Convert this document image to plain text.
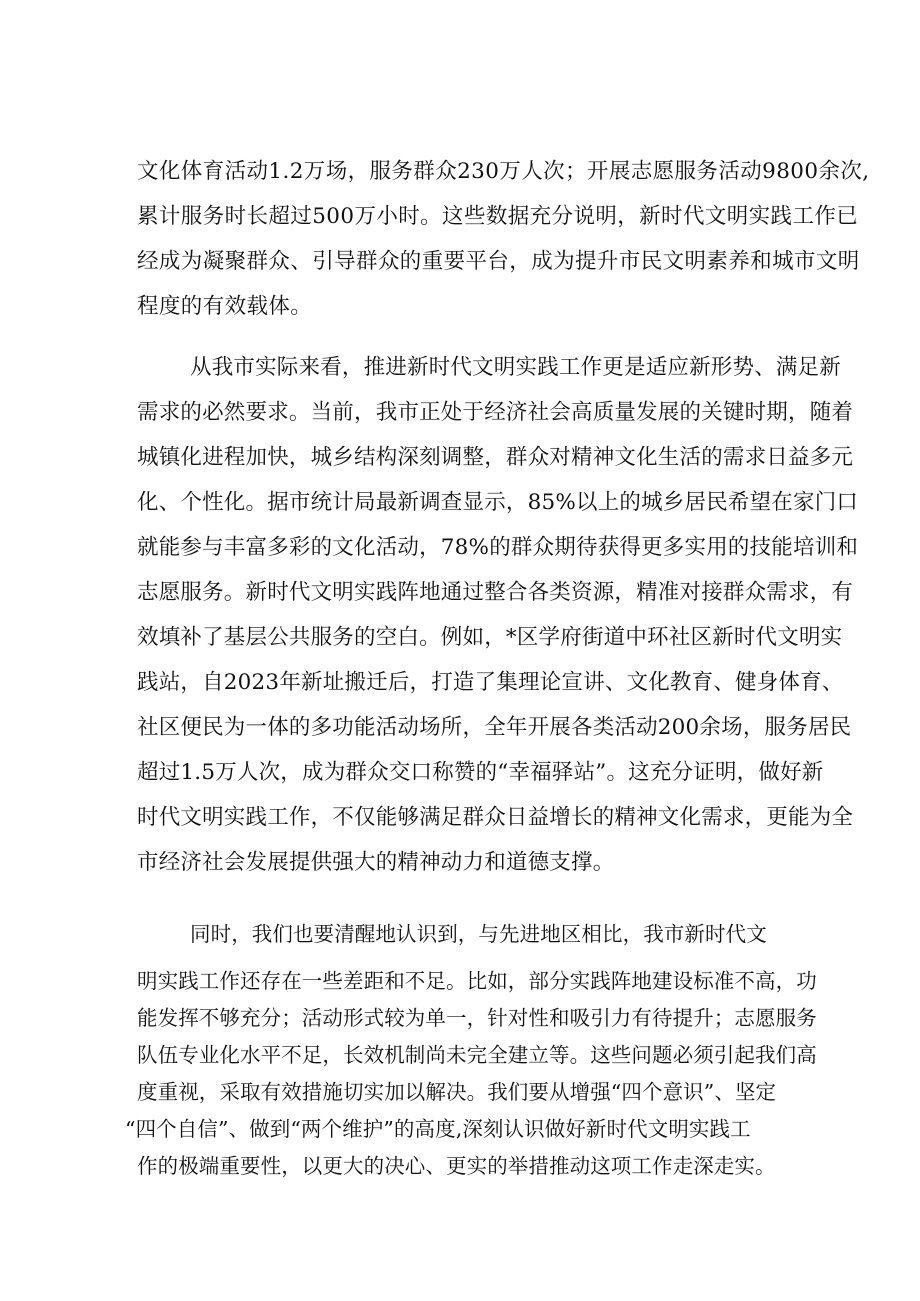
文化体育活动1.2万场，服务群众230万人次；开展志愿服务活动9800余次,

累计服务时长超过500万小时。这些数据充分说明，新时代文明实践工作已

经成为凝聚群众、引导群众的重要平台，成为提升市民文明素养和城市文明

程度的有效载体。

从我市实际来看，推进新时代文明实践工作更是适应新形势、满足新

需求的必然要求。当前，我市正处于经济社会高质量发展的关键时期，随着

城镇化进程加快，城乡结构深刻调整，群众对精神文化生活的需求日益多元

化、个性化。据市统计局最新调查显示，85%以上的城乡居民希望在家门口

就能参与丰富多彩的文化活动，78%的群众期待获得更多实用的技能培训和

志愿服务。新时代文明实践阵地通过整合各类资源，精准对接群众需求，有

效填补了基层公共服务的空白。例如，*区学府街道中环社区新时代文明实

践站，自2023年新址搬迁后，打造了集理论宣讲、文化教育、健身体育、

社区便民为一体的多功能活动场所，全年开展各类活动200余场，服务居民

超过1.5万人次，成为群众交口称赞的“幸福驿站”。这充分证明，做好新

时代文明实践工作，不仅能够满足群众日益增长的精神文化需求，更能为全

市经济社会发展提供强大的精神动力和道德支撑。

同时，我们也要清醒地认识到，与先进地区相比，我市新时代文

明实践工作还存在一些差距和不足。比如，部分实践阵地建设标准不高，功

能发挥不够充分；活动形式较为单一，针对性和吸引力有待提升；志愿服务

队伍专业化水平不足，长效机制尚未完全建立等。这些问题必须引起我们高

度重视，采取有效措施切实加以解决。我们要从增强“四个意识”、坚定

“四个自信”、做到“两个维护”的高度,深刻认识做好新时代文明实践工

作的极端重要性，以更大的决心、更实的举措推动这项工作走深走实。
